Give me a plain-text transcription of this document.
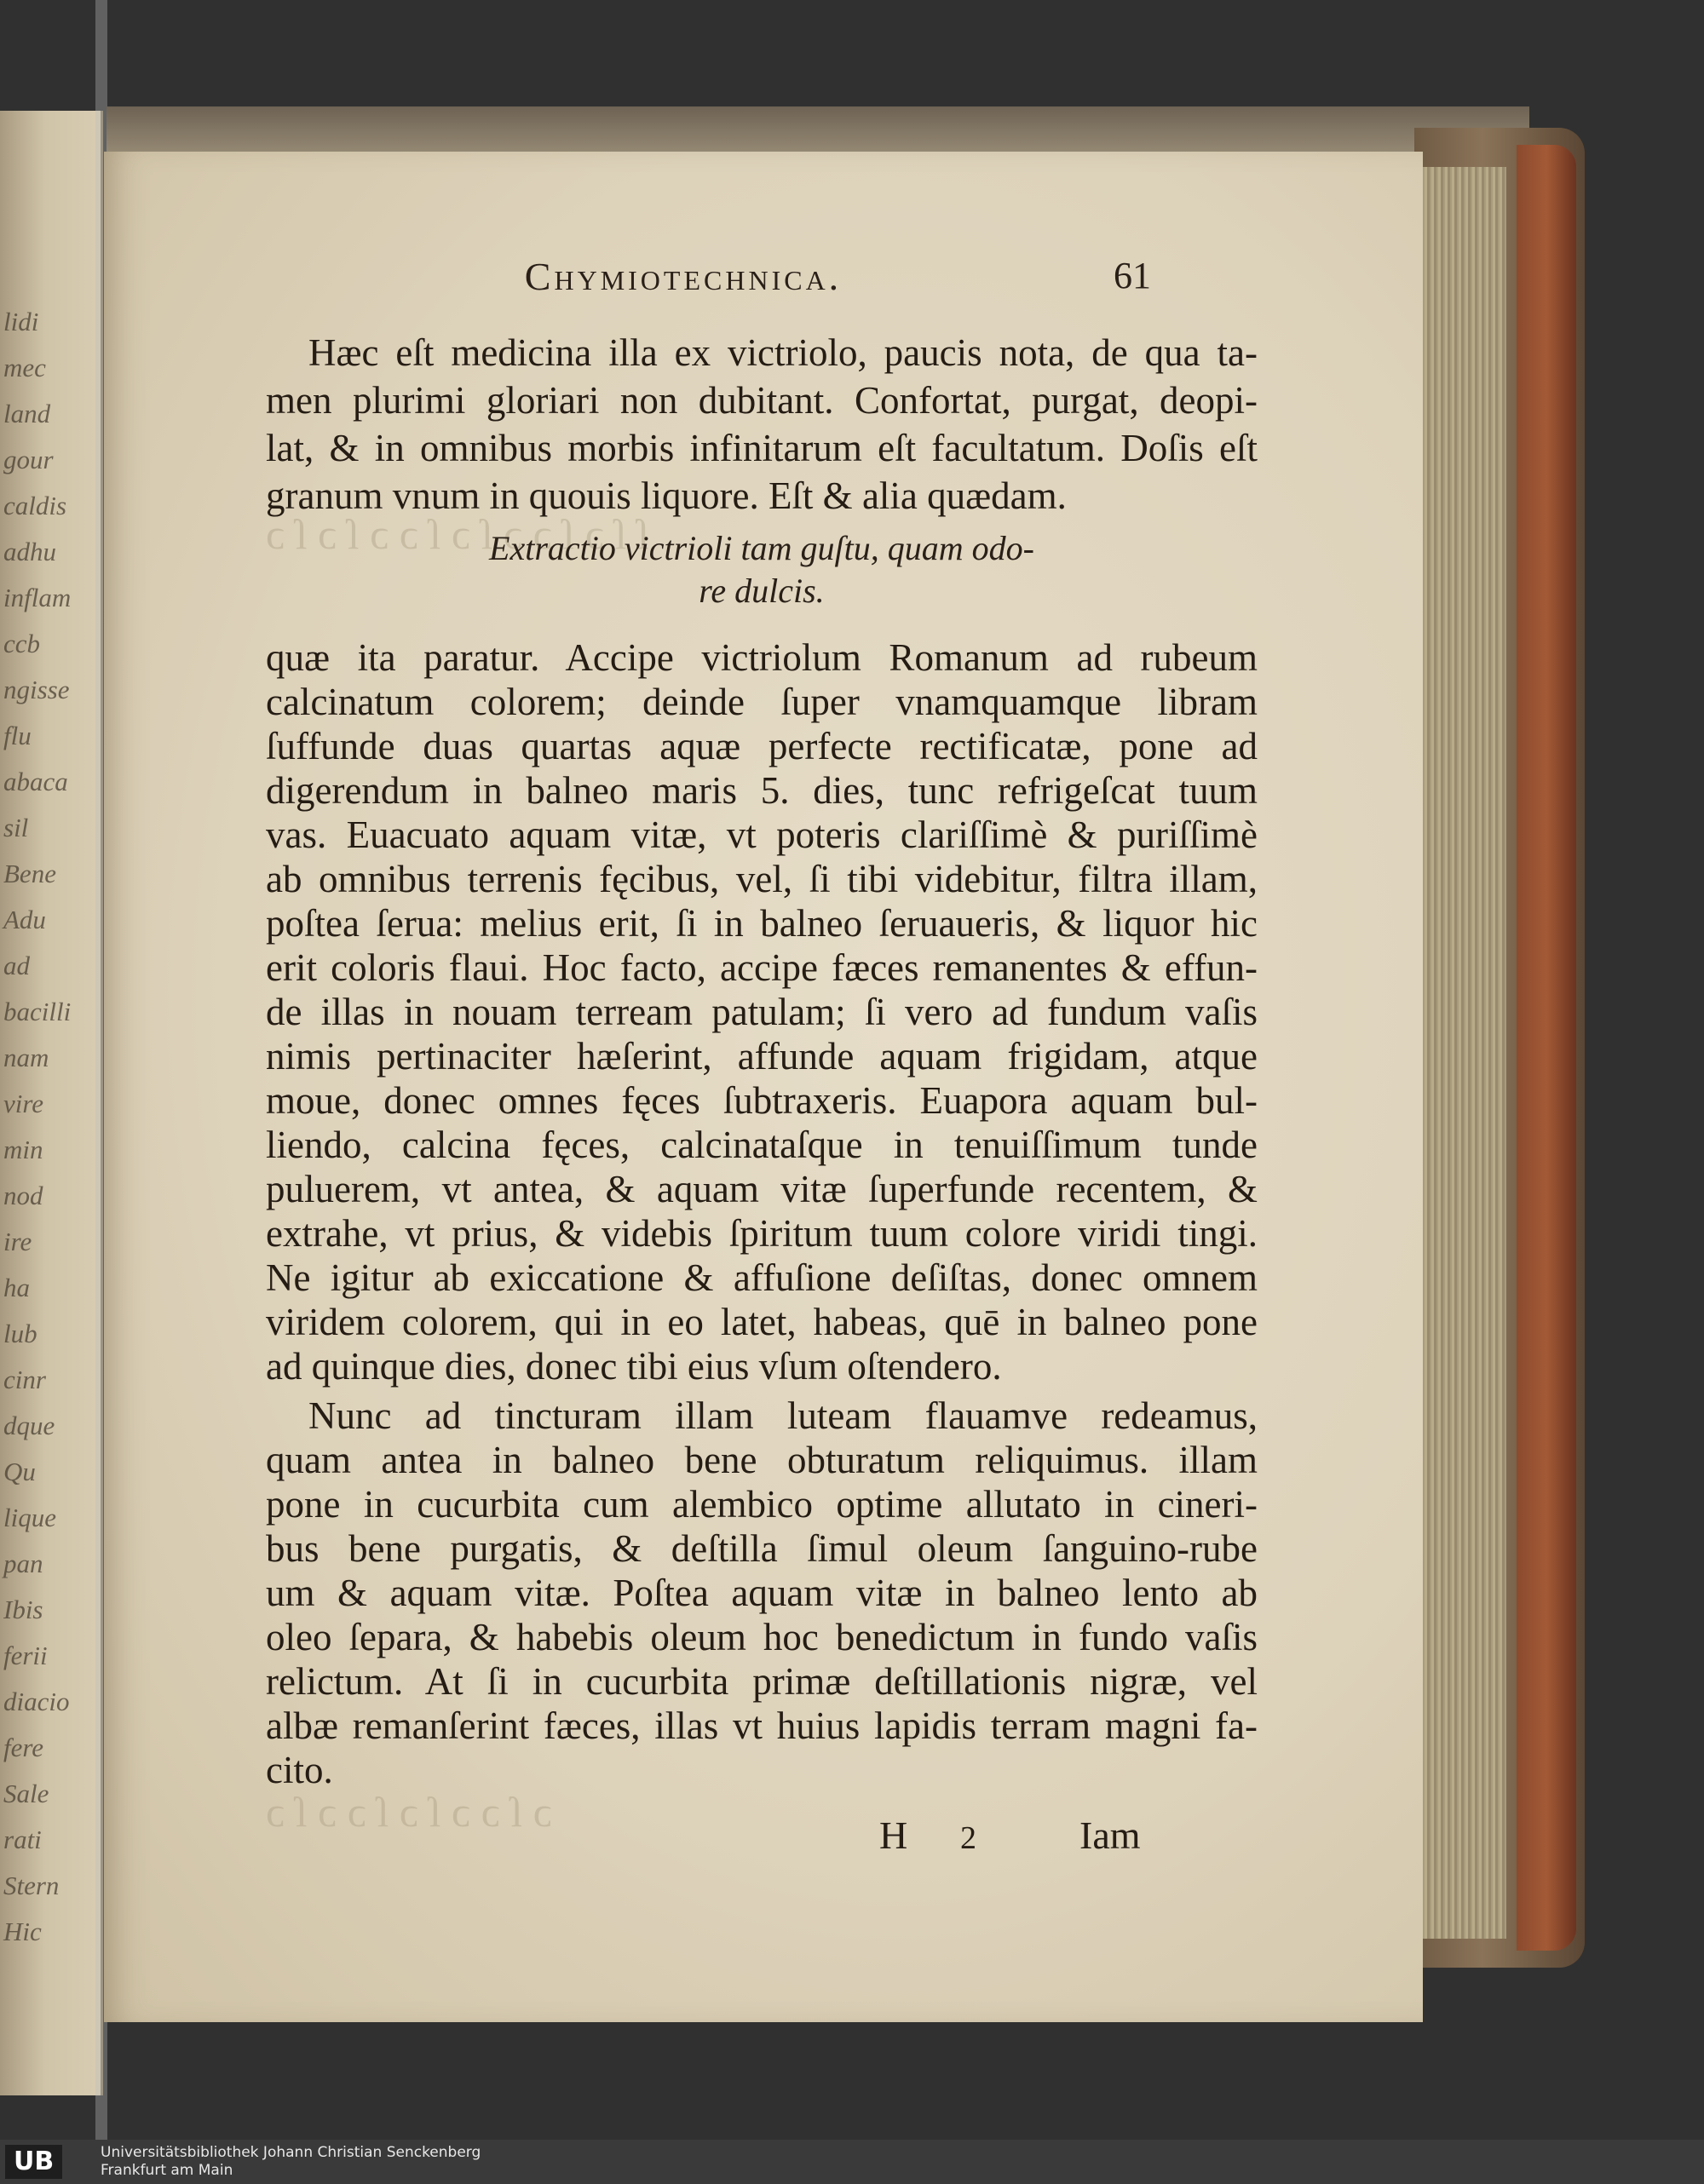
lidi
mec
land
gour
caldis
adhu
inflam
ccb
ngisse
flu
abaca
sil
Bene
Adu
ad
bacilli
nam
vire
min
nod
ire
ha
lub
cinr
dque
Qu
lique
pan
Ibis
ferii
diacio
fere
Sale
rati
Stern
Hic
ſ ſ ɔ ſ ɔ ɔ ſ ɔ ſ ɔ ɔ ſ ɔ ſ ɔ
ɔ ſ ɔ ɔ ſ ɔ ſ ɔ ɔ ſ ɔ
Chymiotechnica.	61
Hæc eſt medicina illa ex victriolo, paucis nota, de qua ta-
men plurimi gloriari non dubitant. Confortat, purgat, deopi-
lat, & in omnibus morbis infinitarum eſt facultatum. Doſis eſt
granum vnum in quouis liquore. Eſt & alia quædam.
Extractio victrioli tam guſtu, quam odo-
re dulcis.
quæ ita paratur. Accipe victriolum Romanum ad rubeum
calcinatum colorem; deinde ſuper vnamquamque libram
ſuffunde duas quartas aquæ perfecte rectificatæ, pone ad
digerendum in balneo maris 5. dies, tunc refrigeſcat tuum
vas. Euacuato aquam vitæ, vt poteris clariſſimè & puriſſimè
ab omnibus terrenis fęcibus, vel, ſi tibi videbitur, filtra illam,
poſtea ſerua: melius erit, ſi in balneo ſeruaueris, & liquor hic
erit coloris flaui. Hoc facto, accipe fæces remanentes & effun-
de illas in nouam terream patulam; ſi vero ad fundum vaſis
nimis pertinaciter hæſerint, affunde aquam frigidam, atque
moue, donec omnes fęces ſubtraxeris. Euapora aquam bul-
liendo, calcina fęces, calcinataſque in tenuiſſimum tunde
puluerem, vt antea, & aquam vitæ ſuperfunde recentem, &
extrahe, vt prius, & videbis ſpiritum tuum colore viridi tingi.
Ne igitur ab exiccatione & affuſione deſiſtas, donec omnem
viridem colorem, qui in eo latet, habeas, quē in balneo pone
ad quinque dies, donec tibi eius vſum oſtendero.
Nunc ad tincturam illam luteam flauamve redeamus,
quam antea in balneo bene obturatum reliquimus. illam
pone in cucurbita cum alembico optime allutato in cineri-
bus bene purgatis, & deſtilla ſimul oleum ſanguino-rube
um & aquam vitæ. Poſtea aquam vitæ in balneo lento ab
oleo ſepara, & habebis oleum hoc benedictum in fundo vaſis
relictum. At ſi in cucurbita primæ deſtillationis nigræ, vel
albæ remanſerint fæces, illas vt huius lapidis terram magni fa-
cito.
H 2	Iam
UB	Universitätsbibliothek Johann Christian Senckenberg
Frankfurt am Main
